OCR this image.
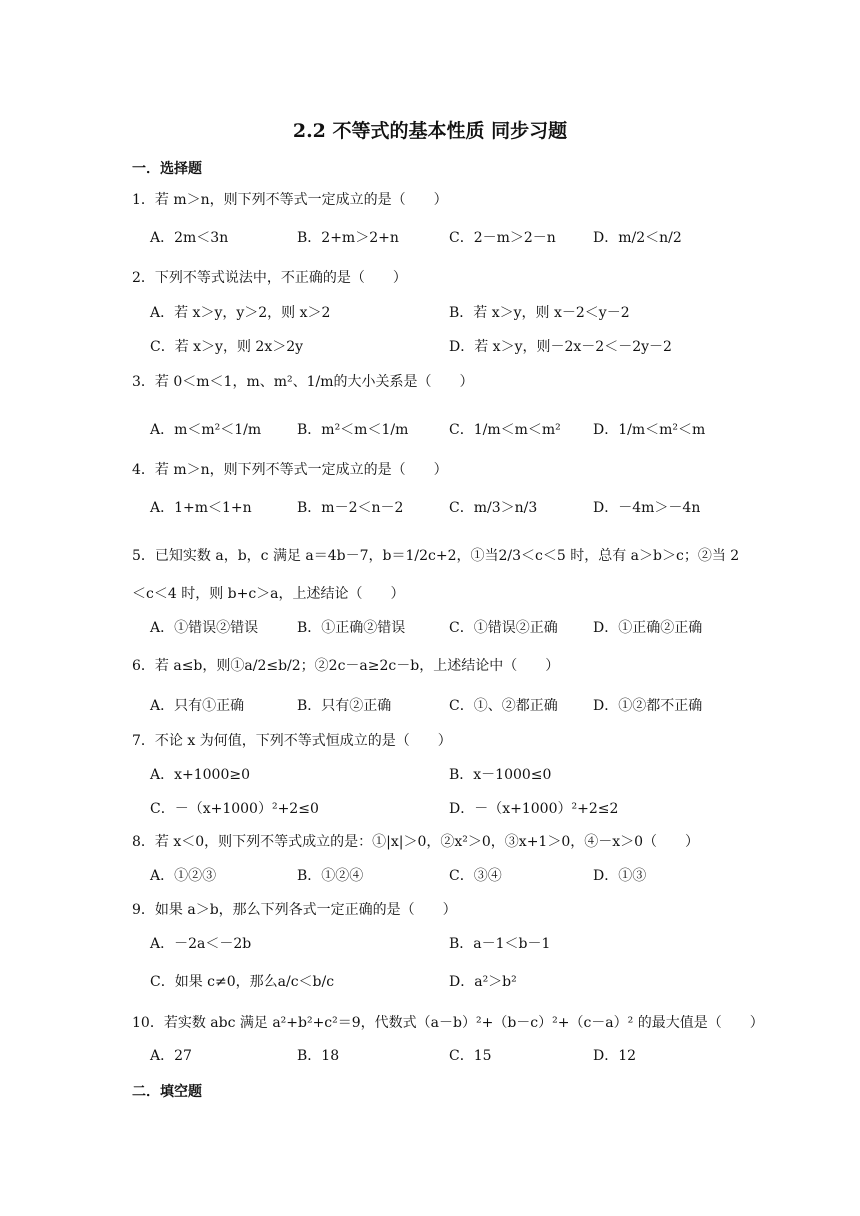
2.2 不等式的基本性质 同步习题
一．选择题
1．若 m＞n，则下列不等式一定成立的是（　　）
A．2m＜3n	B．2+m＞2+n	C．2－m＞2－n	D．m/2＜n/2
2．下列不等式说法中，不正确的是（　　）
A．若 x＞y，y＞2，则 x＞2	B．若 x＞y，则 x－2＜y－2
C．若 x＞y，则 2x＞2y	D．若 x＞y，则－2x－2＜－2y－2
3．若 0＜m＜1，m、m²、1/m的大小关系是（　　）
A．m＜m²＜1/m	B．m²＜m＜1/m	C．1/m＜m＜m² D．1/m＜m²＜m
4．若 m＞n，则下列不等式一定成立的是（　　）
A．1+m＜1+n	B．m－2＜n－2	C．m/3＞n/3	D．－4m＞－4n
5．已知实数 a，b，c 满足 a＝4b－7，b＝1/2c+2，①当2/3＜c＜5 时，总有 a＞b＞c；②当 2
＜c＜4 时，则 b+c＞a，上述结论（　　）
A．①错误②错误	B．①正确②错误	C．①错误②正确	D．①正确②正确
6．若 a≤b，则①a/2≤b/2；②2c－a≥2c－b，上述结论中（　　）
A．只有①正确	B．只有②正确	C．①、②都正确	D．①②都不正确
7．不论 x 为何值，下列不等式恒成立的是（　　）
A．x+1000≥0	B．x－1000≤0
C．－（x+1000）²+2≤0	D．－（x+1000）²+2≤2
8．若 x＜0，则下列不等式成立的是：①|x|＞0，②x²＞0，③x+1＞0，④－x＞0（　　）
A．①②③	B．①②④	C．③④	D．①③
9．如果 a＞b，那么下列各式一定正确的是（　　）
A．－2a＜－2b	B．a－1＜b－1
C．如果 c≠0，那么a/c＜b/c	D．a²＞b²
10．若实数 abc 满足 a²+b²+c²＝9，代数式（a－b）²+（b－c）²+（c－a）² 的最大值是（　　）
A．27	B．18	C．15	D．12
二．填空题
